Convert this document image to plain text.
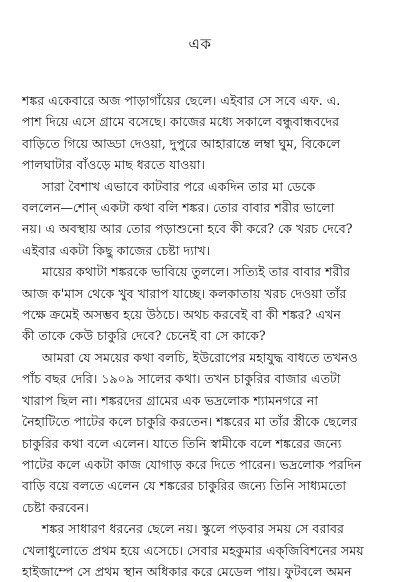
এক

শঙ্কর একেবারে অজ পাড়াগাঁয়ের ছেলে। এইবার সে সবে এফ. এ.
পাশ দিয়ে এসে গ্রামে বসেছে। কাজের মধ্যে সকালে বন্ধুবান্ধবদের
বাড়িতে গিয়ে আড্ডা দেওয়া, দুপুরে আহারান্তে লম্বা ঘুম, বিকেলে
পালঘাটার বাঁওড়ে মাছ ধরতে যাওয়া।

সারা বৈশাখ এভাবে কাটবার পরে একদিন তার মা ডেকে
বললেন—শোন্ একটা কথা বলি শঙ্কর। তোর বাবার শরীর ভালো
নয়। এ অবস্থায় আর তোর পড়াশুনো হবে কী করে? কে খরচ দেবে?
এইবার একটা কিছু কাজের চেষ্টা দ্যাখ।

মায়ের কথাটা শঙ্করকে ভাবিয়ে তুললে। সত্যিই তার বাবার শরীর
আজ ক'মাস থেকে খুব খারাপ যাচ্ছে। কলকাতায় খরচ দেওয়া তাঁর
পক্ষে ক্রমেই অসম্ভব হয়ে উঠচে। অথচ করবেই বা কী শঙ্কর? এখন
কী তাকে কেউ চাকুরি দেবে? চেনেই বা সে কাকে?

আমরা যে সময়ের কথা বলচি, ইউরোপের মহাযুদ্ধ বাধতে তখনও
পাঁচ বছর দেরি। ১৯০৯ সালের কথা। তখন চাকুরির বাজার এতটা
খারাপ ছিল না। শঙ্করদের গ্রামের এক ভদ্রলোক শ্যামনগরে না
নৈহাটিতে পাটের কলে চাকুরি করতেন। শঙ্করের মা তাঁর স্ত্রীকে ছেলের
চাকুরির কথা বলে এলেন। যাতে তিনি স্বামীকে বলে শঙ্করের জন্যে
পাটের কলে একটা কাজ যোগাড় করে দিতে পারেন। ভদ্রলোক পরদিন
বাড়ি বয়ে বলতে এলেন যে শঙ্করের চাকুরির জন্যে তিনি সাধ্যমতো
চেষ্টা করবেন।

শঙ্কর সাধারণ ধরনের ছেলে নয়। স্কুলে পড়বার সময় সে বরাবর
খেলাধুলোতে প্রথম হয়ে এসেচে। সেবার মহকুমার এক্‌জিবিশনের সময়
হাইজাম্পে সে প্রথম স্থান অধিকার করে মেডেল পায়। ফুটবলে অমন
